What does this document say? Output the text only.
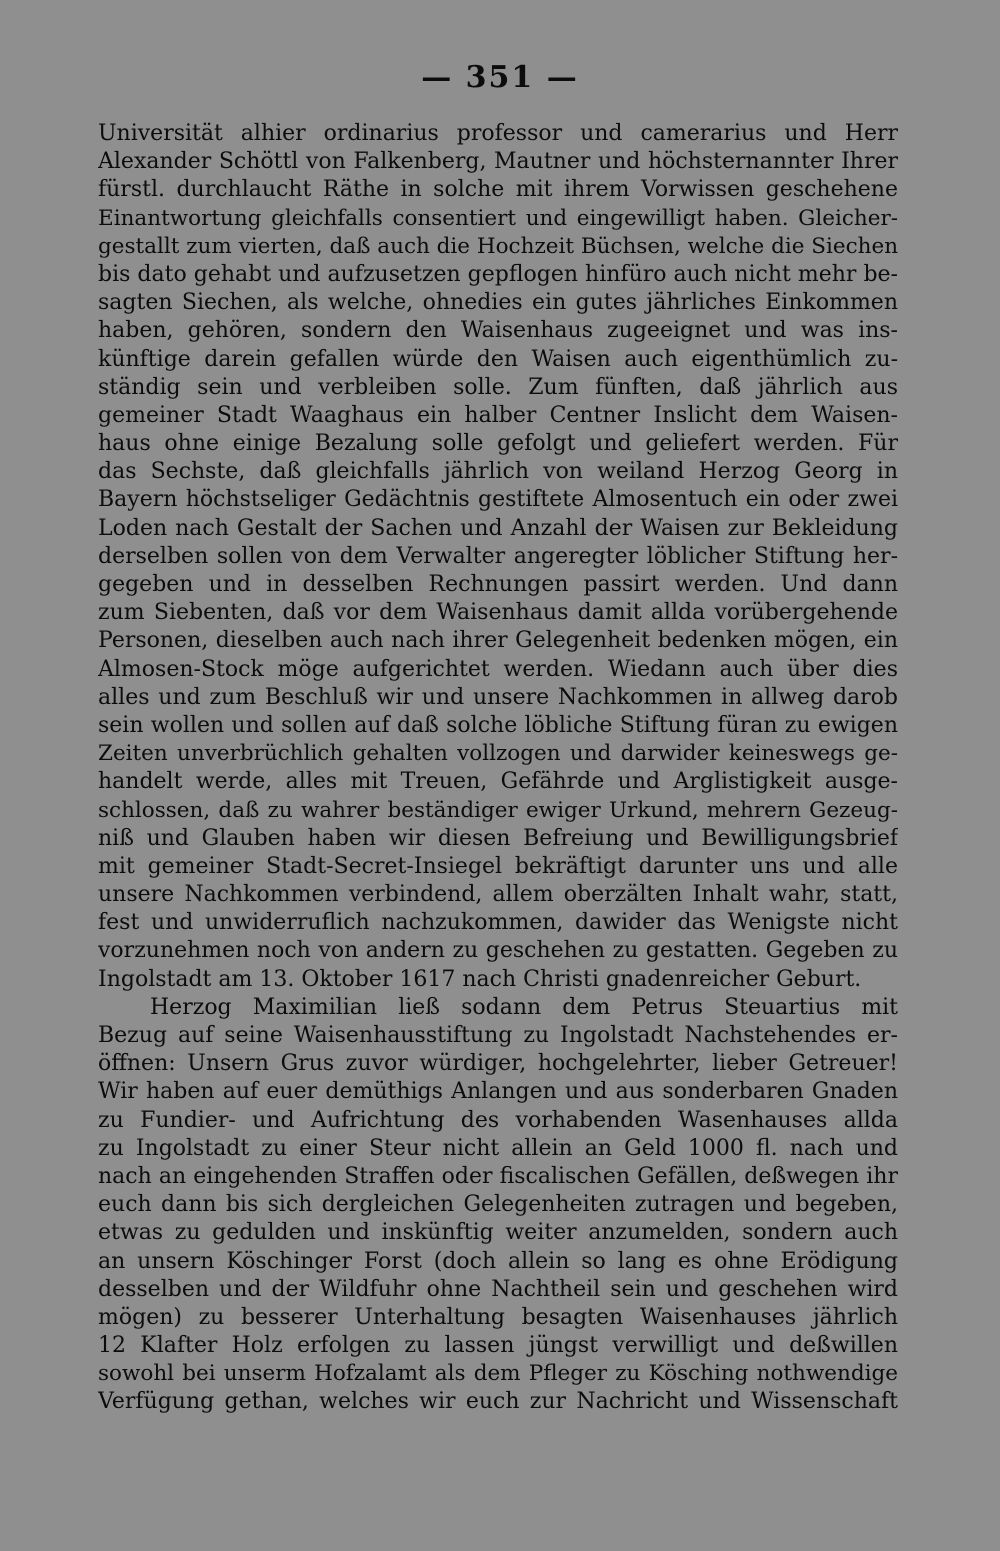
— 351 —
Universität alhier ordinarius professor und camerarius und Herr
Alexander Schöttl von Falkenberg, Mautner und höchsternannter Ihrer
fürstl. durchlaucht Räthe in solche mit ihrem Vorwissen geschehene
Einantwortung gleichfalls consentiert und eingewilligt haben. Gleicher-
gestallt zum vierten, daß auch die Hochzeit Büchsen, welche die Siechen
bis dato gehabt und aufzusetzen gepflogen hinfüro auch nicht mehr be-
sagten Siechen, als welche, ohnedies ein gutes jährliches Einkommen
haben, gehören, sondern den Waisenhaus zugeeignet und was ins-
künftige darein gefallen würde den Waisen auch eigenthümlich zu-
ständig sein und verbleiben solle. Zum fünften, daß jährlich aus
gemeiner Stadt Waaghaus ein halber Centner Inslicht dem Waisen-
haus ohne einige Bezalung solle gefolgt und geliefert werden. Für
das Sechste, daß gleichfalls jährlich von weiland Herzog Georg in
Bayern höchstseliger Gedächtnis gestiftete Almosentuch ein oder zwei
Loden nach Gestalt der Sachen und Anzahl der Waisen zur Bekleidung
derselben sollen von dem Verwalter angeregter löblicher Stiftung her-
gegeben und in desselben Rechnungen passirt werden. Und dann
zum Siebenten, daß vor dem Waisenhaus damit allda vorübergehende
Personen, dieselben auch nach ihrer Gelegenheit bedenken mögen, ein
Almosen-Stock möge aufgerichtet werden. Wiedann auch über dies
alles und zum Beschluß wir und unsere Nachkommen in allweg darob
sein wollen und sollen auf daß solche löbliche Stiftung füran zu ewigen
Zeiten unverbrüchlich gehalten vollzogen und darwider keineswegs ge-
handelt werde, alles mit Treuen, Gefährde und Arglistigkeit ausge-
schlossen, daß zu wahrer beständiger ewiger Urkund, mehrern Gezeug-
niß und Glauben haben wir diesen Befreiung und Bewilligungsbrief
mit gemeiner Stadt-Secret-Insiegel bekräftigt darunter uns und alle
unsere Nachkommen verbindend, allem oberzälten Inhalt wahr, statt,
fest und unwiderruflich nachzukommen, dawider das Wenigste nicht
vorzunehmen noch von andern zu geschehen zu gestatten. Gegeben zu
Ingolstadt am 13. Oktober 1617 nach Christi gnadenreicher Geburt.
Herzog Maximilian ließ sodann dem Petrus Steuartius mit
Bezug auf seine Waisenhausstiftung zu Ingolstadt Nachstehendes er-
öffnen: Unsern Grus zuvor würdiger, hochgelehrter, lieber Getreuer!
Wir haben auf euer demüthigs Anlangen und aus sonderbaren Gnaden
zu Fundier- und Aufrichtung des vorhabenden Wasenhauses allda
zu Ingolstadt zu einer Steur nicht allein an Geld 1000 fl. nach und
nach an eingehenden Straffen oder fiscalischen Gefällen, deßwegen ihr
euch dann bis sich dergleichen Gelegenheiten zutragen und begeben,
etwas zu gedulden und inskünftig weiter anzumelden, sondern auch
an unsern Köschinger Forst (doch allein so lang es ohne Erödigung
desselben und der Wildfuhr ohne Nachtheil sein und geschehen wird
mögen) zu besserer Unterhaltung besagten Waisenhauses jährlich
12 Klafter Holz erfolgen zu lassen jüngst verwilligt und deßwillen
sowohl bei unserm Hofzalamt als dem Pfleger zu Kösching nothwendige
Verfügung gethan, welches wir euch zur Nachricht und Wissenschaft
